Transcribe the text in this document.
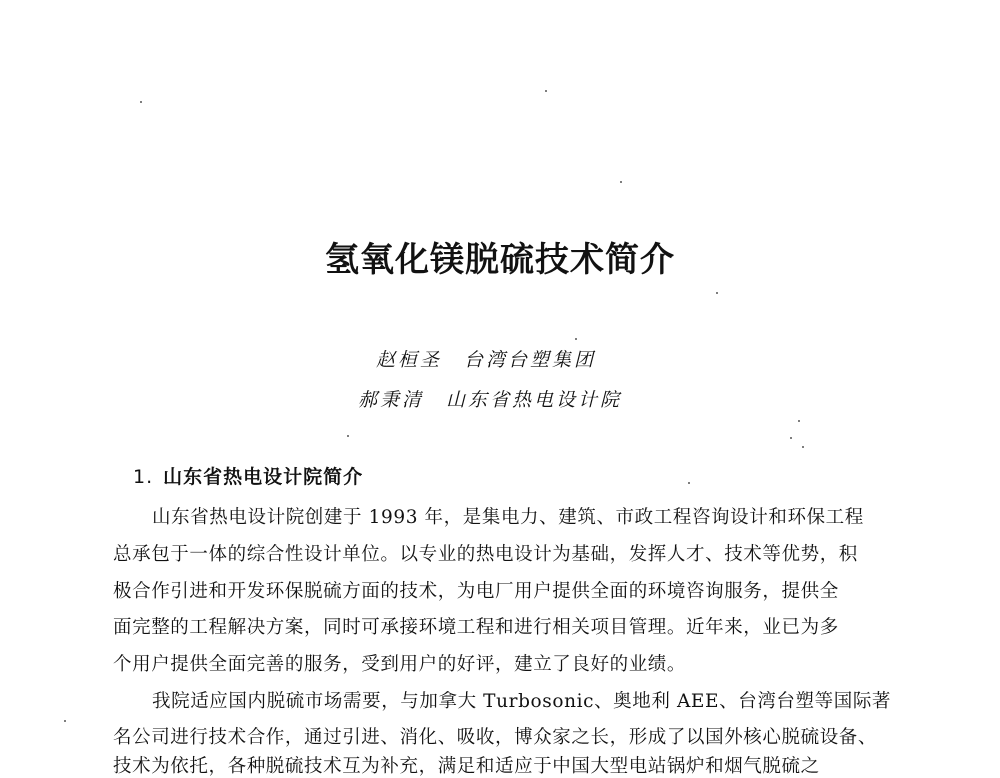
氢氧化镁脱硫技术简介
赵桓圣 台湾台塑集团
郝秉清 山东省热电设计院
1. 山东省热电设计院简介
山东省热电设计院创建于 1993 年，是集电力、建筑、市政工程咨询设计和环保工程
总承包于一体的综合性设计单位。以专业的热电设计为基础，发挥人才、技术等优势，积
极合作引进和开发环保脱硫方面的技术，为电厂用户提供全面的环境咨询服务，提供全
面完整的工程解决方案，同时可承接环境工程和进行相关项目管理。近年来，业已为多
个用户提供全面完善的服务，受到用户的好评，建立了良好的业绩。
我院适应国内脱硫市场需要，与加拿大 Turbosonic、奥地利 AEE、台湾台塑等国际著
名公司进行技术合作，通过引进、消化、吸收，博众家之长，形成了以国外核心脱硫设备、
技术为依托，各种脱硫技术互为补充，满足和适应于中国大型电站锅炉和烟气脱硫之
